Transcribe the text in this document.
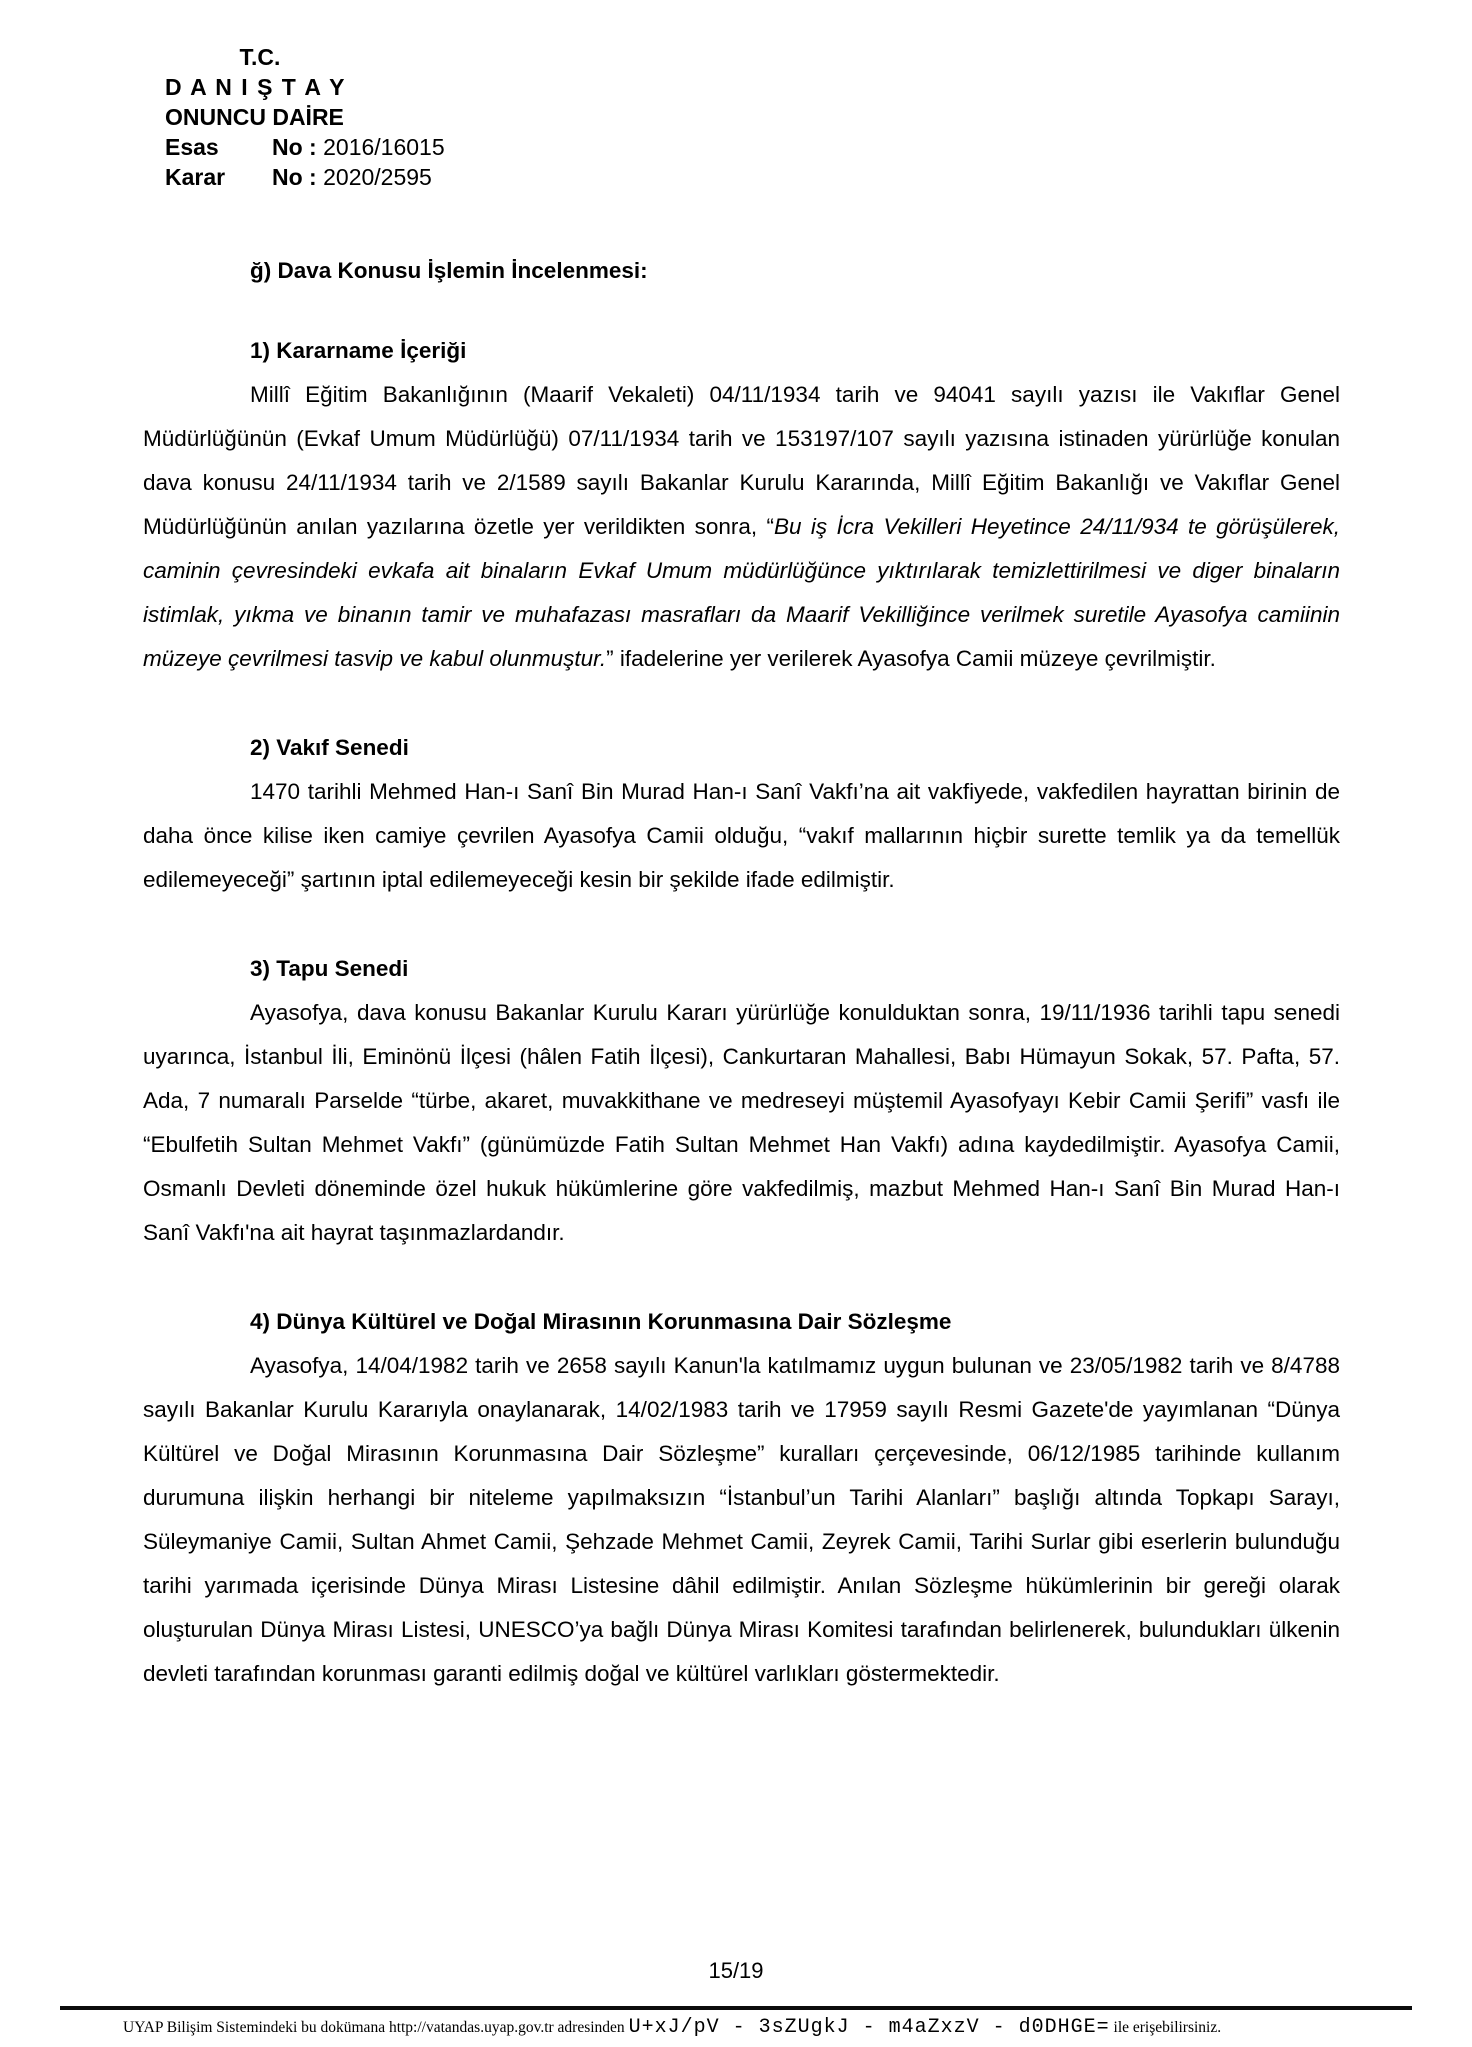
T.C.
D A N I Ş T A Y
ONUNCU DAİRE
Esas	No : 2016/16015
Karar	No : 2020/2595
ğ) Dava Konusu İşlemin İncelenmesi:
1) Kararname İçeriği

Millî Eğitim Bakanlığının (Maarif Vekaleti) 04/11/1934 tarih ve 94041 sayılı yazısı ile Vakıflar Genel Müdürlüğünün (Evkaf Umum Müdürlüğü) 07/11/1934 tarih ve 153197/107 sayılı yazısına istinaden yürürlüğe konulan dava konusu 24/11/1934 tarih ve 2/1589 sayılı Bakanlar Kurulu Kararında, Millî Eğitim Bakanlığı ve Vakıflar Genel Müdürlüğünün anılan yazılarına özetle yer verildikten sonra, “Bu iş İcra Vekilleri Heyetince 24/11/934 te görüşülerek, caminin çevresindeki evkafa ait binaların Evkaf Umum müdürlüğünce yıktırılarak temizlettirilmesi ve diger binaların istimlak, yıkma ve binanın tamir ve muhafazası masrafları da Maarif Vekilliğince verilmek suretile Ayasofya camiinin müzeye çevrilmesi tasvip ve kabul olunmuştur.” ifadelerine yer verilerek Ayasofya Camii müzeye çevrilmiştir.

2) Vakıf Senedi

1470 tarihli Mehmed Han-ı Sanî Bin Murad Han-ı Sanî Vakfı’na ait vakfiyede, vakfedilen hayrattan birinin de daha önce kilise iken camiye çevrilen Ayasofya Camii olduğu, “vakıf mallarının hiçbir surette temlik ya da temellük edilemeyeceği” şartının iptal edilemeyeceği kesin bir şekilde ifade edilmiştir.

3) Tapu Senedi

Ayasofya, dava konusu Bakanlar Kurulu Kararı yürürlüğe konulduktan sonra, 19/11/1936 tarihli tapu senedi uyarınca, İstanbul İli, Eminönü İlçesi (hâlen Fatih İlçesi), Cankurtaran Mahallesi, Babı Hümayun Sokak, 57. Pafta, 57. Ada, 7 numaralı Parselde “türbe, akaret, muvakkithane ve medreseyi müştemil Ayasofyayı Kebir Camii Şerifi” vasfı ile “Ebulfetih Sultan Mehmet Vakfı” (günümüzde Fatih Sultan Mehmet Han Vakfı) adına kaydedilmiştir. Ayasofya Camii, Osmanlı Devleti döneminde özel hukuk hükümlerine göre vakfedilmiş, mazbut Mehmed Han-ı Sanî Bin Murad Han-ı Sanî Vakfı'na ait hayrat taşınmazlardandır.

4) Dünya Kültürel ve Doğal Mirasının Korunmasına Dair Sözleşme

Ayasofya, 14/04/1982 tarih ve 2658 sayılı Kanun'la katılmamız uygun bulunan ve 23/05/1982 tarih ve 8/4788 sayılı Bakanlar Kurulu Kararıyla onaylanarak, 14/02/1983 tarih ve 17959 sayılı Resmi Gazete'de yayımlanan “Dünya Kültürel ve Doğal Mirasının Korunmasına Dair Sözleşme” kuralları çerçevesinde, 06/12/1985 tarihinde kullanım durumuna ilişkin herhangi bir niteleme yapılmaksızın “İstanbul’un Tarihi Alanları” başlığı altında Topkapı Sarayı, Süleymaniye Camii, Sultan Ahmet Camii, Şehzade Mehmet Camii, Zeyrek Camii, Tarihi Surlar gibi eserlerin bulunduğu tarihi yarımada içerisinde Dünya Mirası Listesine dâhil edilmiştir. Anılan Sözleşme hükümlerinin bir gereği olarak oluşturulan Dünya Mirası Listesi, UNESCO’ya bağlı Dünya Mirası Komitesi tarafından belirlenerek, bulundukları ülkenin devleti tarafından korunması garanti edilmiş doğal ve kültürel varlıkları göstermektedir.

15/19
UYAP Bilişim Sistemindeki bu dokümana http://vatandas.uyap.gov.tr adresinden U+xJ/pV - 3sZUgkJ - m4aZxzV - d0DHGE= ile erişebilirsiniz.
